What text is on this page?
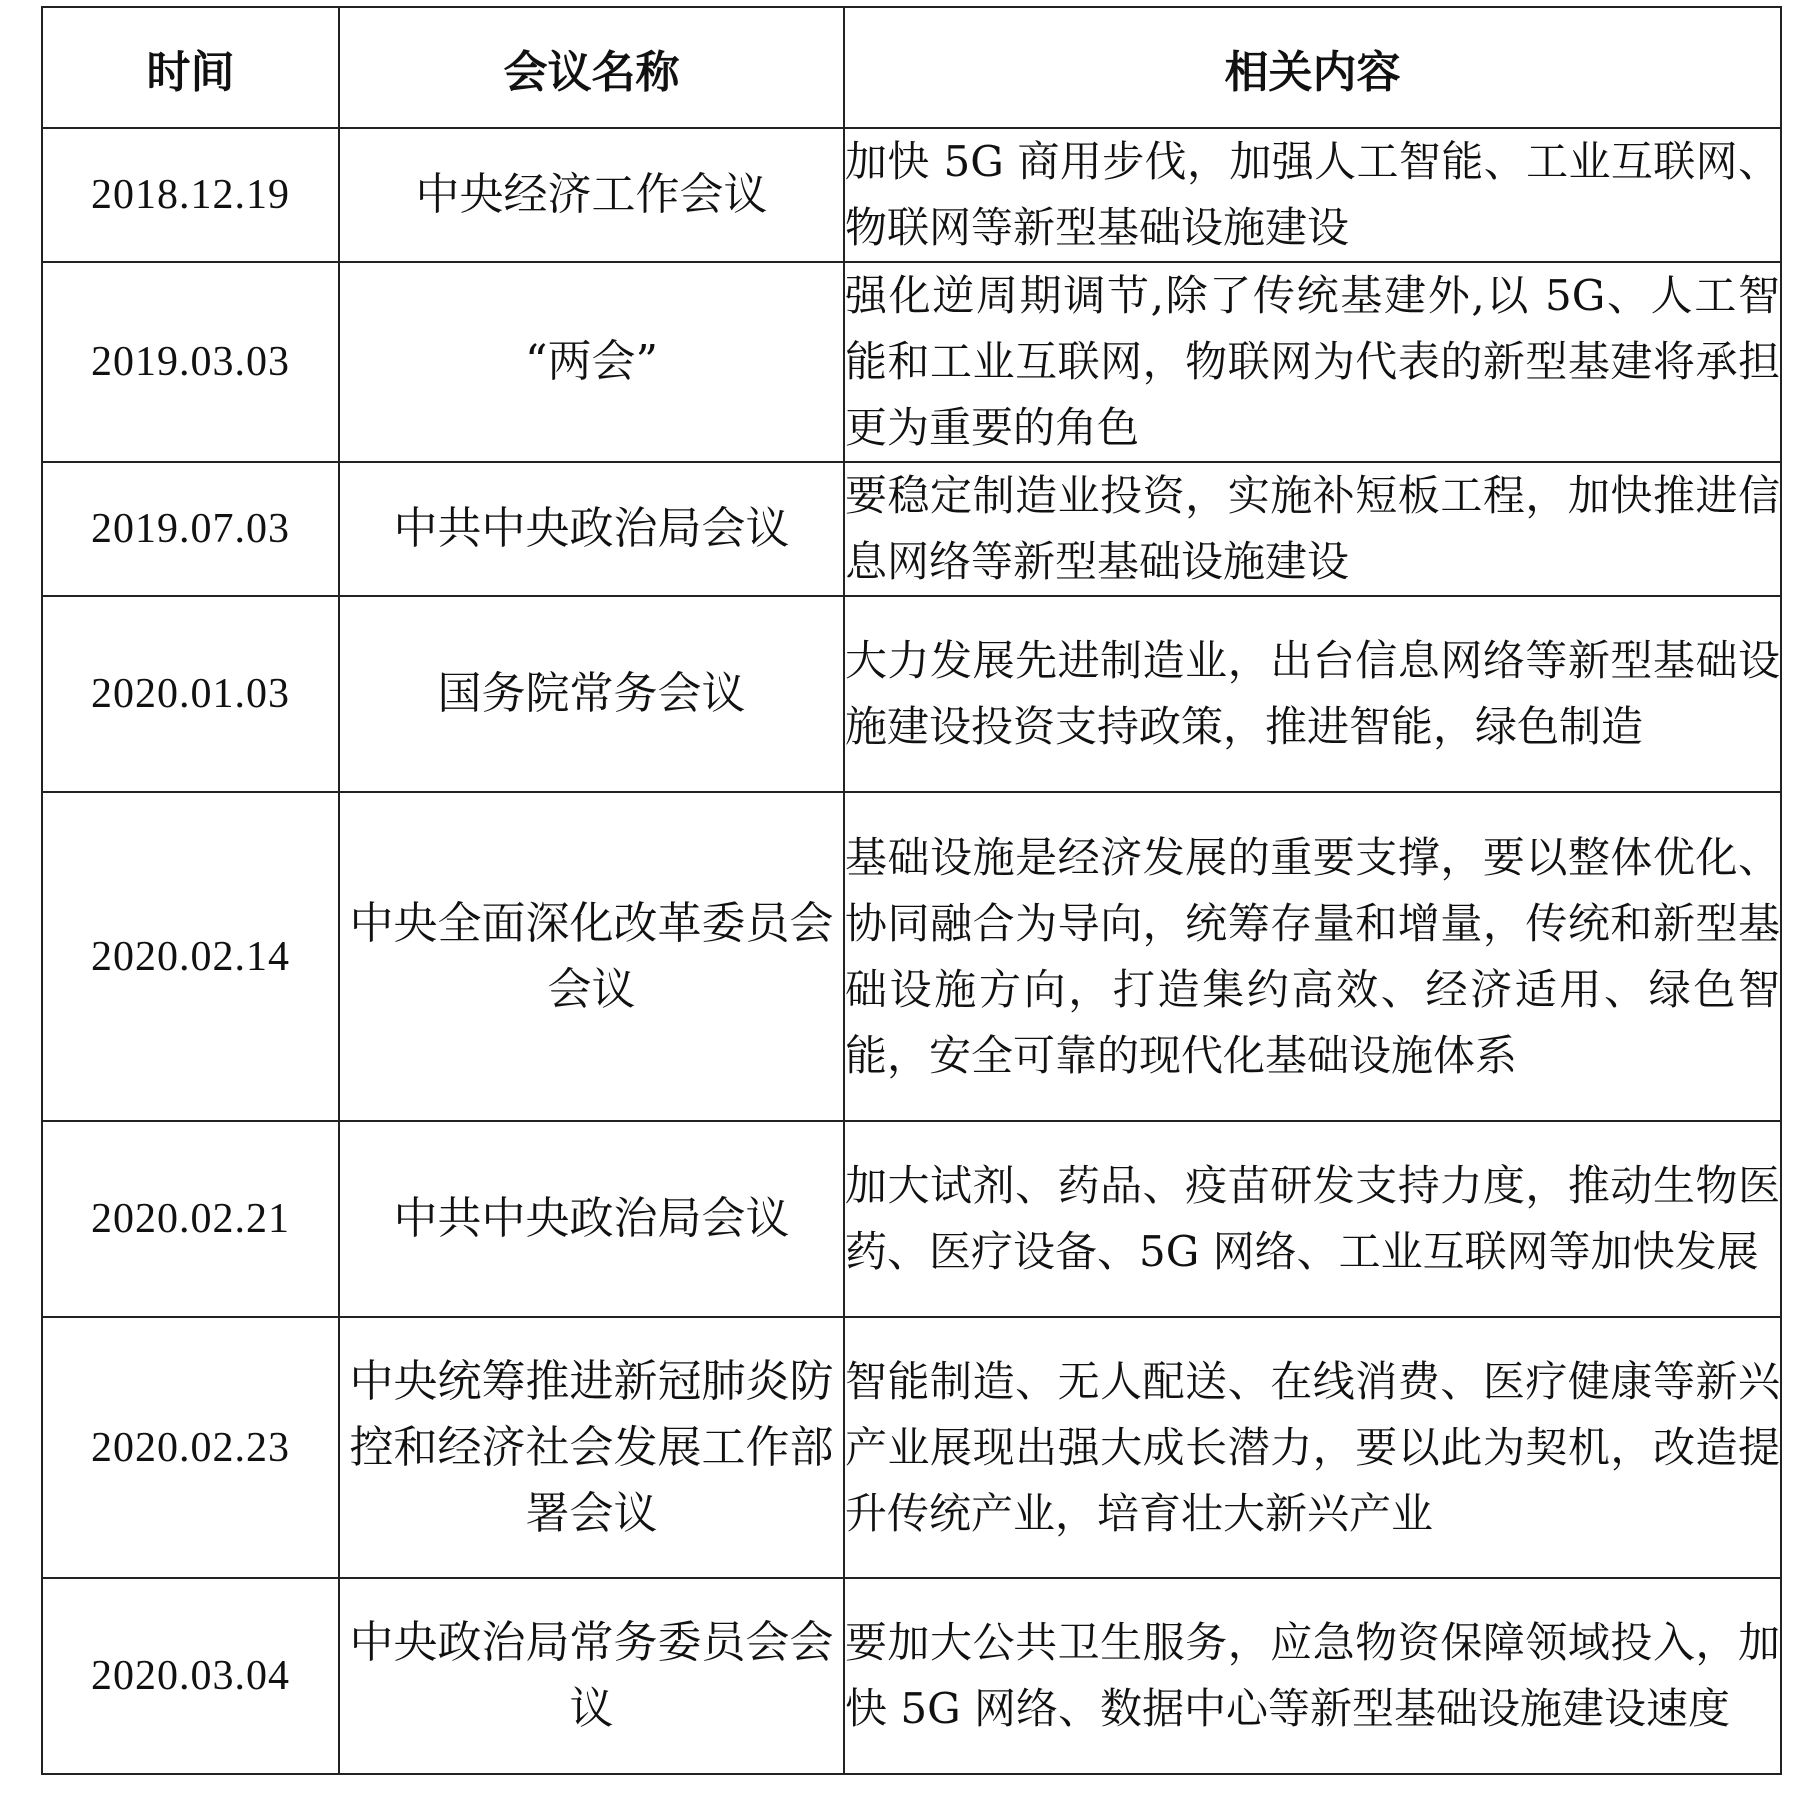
时间	会议名称	相关内容
2018.12.19	中央经济工作会议	加快 5G 商用步伐，加强人工智能、工业互联网、物联网等新型基础设施建设
2019.03.03	“两会”	强化逆周期调节,除了传统基建外,以 5G、人工智能和工业互联网，物联网为代表的新型基建将承担更为重要的角色
2019.07.03	中共中央政治局会议	要稳定制造业投资，实施补短板工程，加快推进信息网络等新型基础设施建设
2020.01.03	国务院常务会议	大力发展先进制造业，出台信息网络等新型基础设施建设投资支持政策，推进智能，绿色制造
2020.02.14	中央全面深化改革委员会会议	基础设施是经济发展的重要支撑，要以整体优化、协同融合为导向，统筹存量和增量，传统和新型基础设施方向，打造集约高效、经济适用、绿色智能，安全可靠的现代化基础设施体系
2020.02.21	中共中央政治局会议	加大试剂、药品、疫苗研发支持力度，推动生物医药、医疗设备、5G 网络、工业互联网等加快发展
2020.02.23	中央统筹推进新冠肺炎防控和经济社会发展工作部署会议	智能制造、无人配送、在线消费、医疗健康等新兴产业展现出强大成长潜力，要以此为契机，改造提升传统产业，培育壮大新兴产业
2020.03.04	中央政治局常务委员会会议	要加大公共卫生服务，应急物资保障领域投入，加快 5G 网络、数据中心等新型基础设施建设速度
